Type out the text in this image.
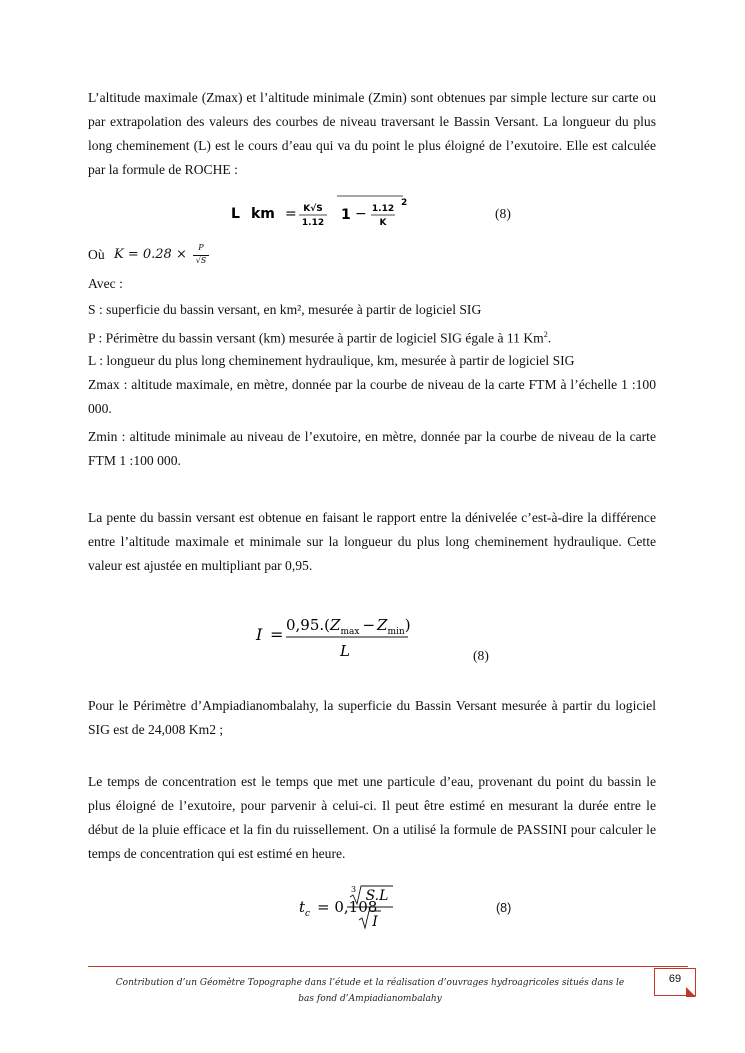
L’altitude maximale (Zmax) et l’altitude minimale (Zmin) sont obtenues par simple lecture sur carte ou par extrapolation des valeurs des courbes de niveau traversant le Bassin Versant. La longueur du plus long cheminement (L) est le cours d’eau qui va du point le plus éloigné de l’exutoire. Elle est calculée par la formule de ROCHE :

L km = K√S
1.12 1 − 1.12
K
2
(8)
Où K = 0.28 ×	P
√S

Avec :

S : superficie du bassin versant, en km², mesurée à partir de logiciel SIG

P : Périmètre du bassin versant (km) mesurée à partir de logiciel SIG égale à 11 Km$^2$.

L : longueur du plus long cheminement hydraulique, km, mesurée à partir de logiciel SIG

Zmax : altitude maximale, en mètre, donnée par la courbe de niveau de la carte FTM à l’échelle 1 :100 000.

Zmin : altitude minimale au niveau de l’exutoire, en mètre, donnée par la courbe de niveau de la carte FTM 1 :100 000.

La pente du bassin versant est obtenue en faisant le rapport entre la dénivelée c’est-à-dire la différence entre l’altitude maximale et minimale sur la longueur du plus long cheminement hydraulique. Cette valeur est ajustée en multipliant par 0,95.

$I = 0,95.(Z_{max} - Z_{min})$
L	(8)

Pour le Périmètre d’Ampiadianombalahy, la superficie du Bassin Versant mesurée à partir du logiciel SIG est de 24,008 Km2 ;

Le temps de concentration est le temps que met une particule d’eau, provenant du point du bassin le plus éloigné de l’exutoire, pour parvenir à celui-ci. Il peut être estimé en mesurant la durée entre le début de la pluie efficace et la fin du ruissellement. On a utilisé la formule de PASSINI pour calculer le temps de concentration qui est estimé en heure.

$t_c = 0,108$
3 S.L
I
(8)
Contribution d’un Géomètre Topographe dans l’étude et la réalisation d’ouvrages hydroagricoles situés dans le bas fond d’Ampiadianombalahy
69
